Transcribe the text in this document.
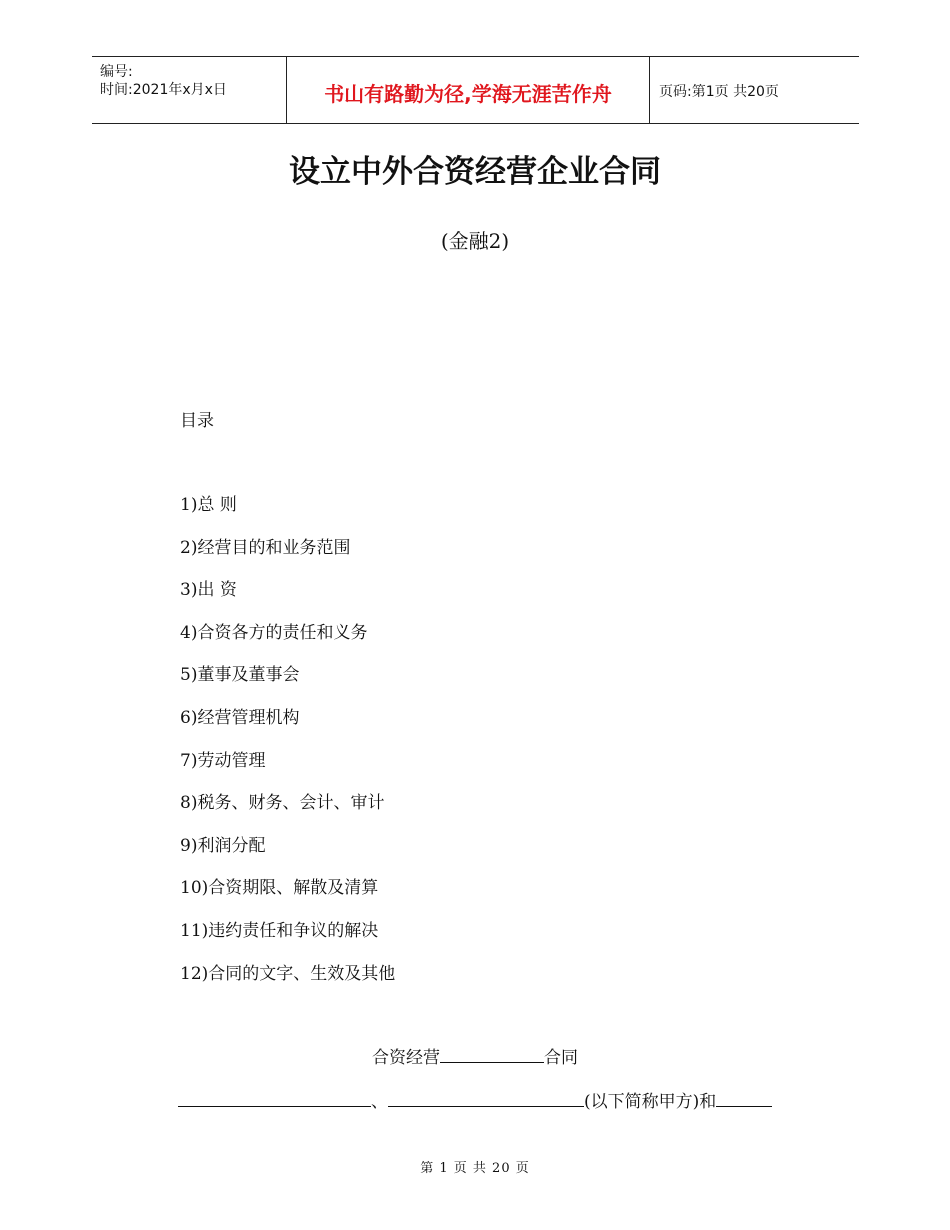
编号:
时间:2021年x月x日	书山有路勤为径,学海无涯苦作舟	页码:第1页 共20页
设立中外合资经营企业合同
(金融2)
目录
1)总 则
2)经营目的和业务范围
3)出 资
4)合资各方的责任和义务
5)董事及董事会
6)经营管理机构
7)劳动管理
8)税务、财务、会计、审计
9)利润分配
10)合资期限、解散及清算
11)违约责任和争议的解决
12)合同的文字、生效及其他
合资经营	合同
、	(以下简称甲方)和
第 1 页 共 20 页
